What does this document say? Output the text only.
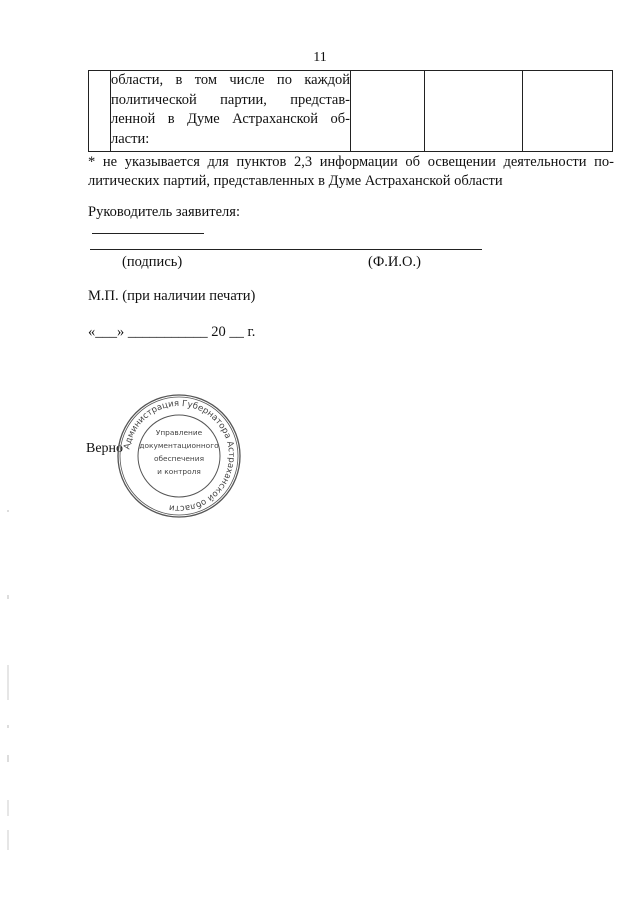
11

области, в том числе по каждой
политической партии, представ-
ленной в Думе Астраханской об-
ласти:

* не указывается для пунктов 2,3 информации об освещении деятельности по-
литических партий, представленных в Думе Астраханской области
Руководитель заявителя:
(подпись)	(Ф.И.О.)
М.П. (при наличии печати)
«___» ___________ 20 __ г.
Верно Администрация Губернатора Астраханской области
Управление
документационного
обеспечения
и контроля
